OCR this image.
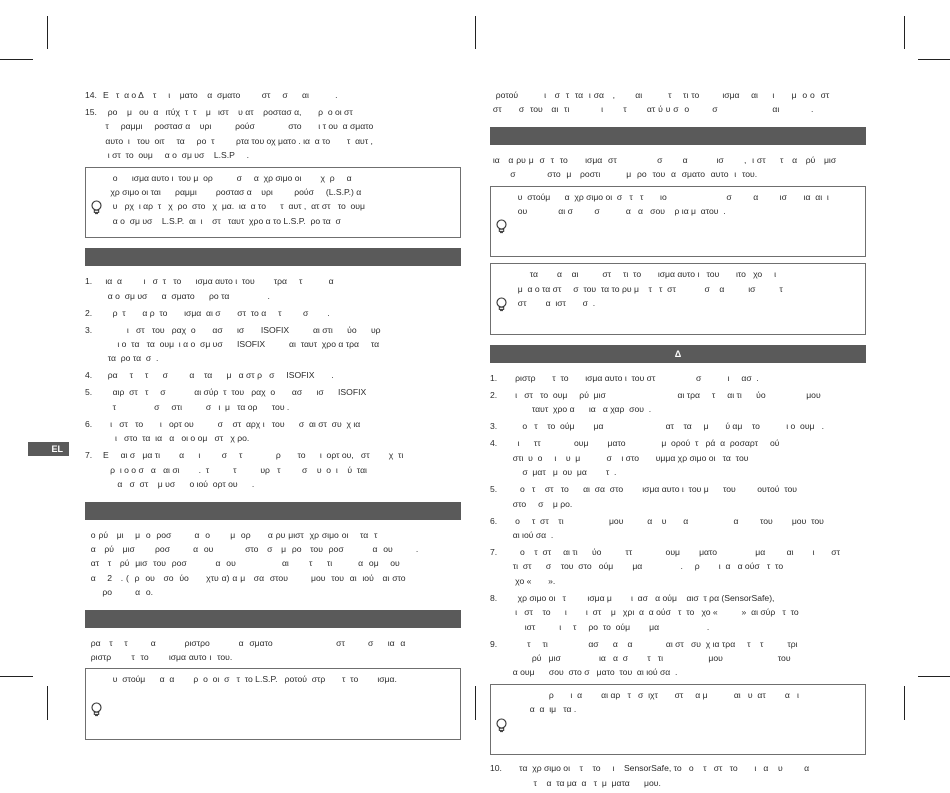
EL
14. Ε   τ  α ο Δ    τ     ι    ματο    α  σματο         στ     σ      αι           .
15.	ρο    μ   ου  α   ιτύχ  τ  τ    μ   ιστ    υ ατ    ροστασ α,       ρ  ο οι στ
τ     ραμμι     ροστασ α    υρι          ρούσ              στο       ι τ ου  α σματο
αυτο  ι   του  οιτ     τα     ρο  τ         ρτα του οχ ματο . ια  α το       τ  αυτ ,
ι στ  το  ουμ     α ο  σμ υσ    L.S.P     .

ο      ισμα αυτο ι  του μ  ορ          σ     α  χρ σιμο οι        χ  ρ     α
χρ σιμο οι ται      ραμμι        ροστασ α    υρι         ρούσ     (L.S.P.) α
υ   ρχ  ι αρ  τ   χ  ρο  στο   χ  μα.  ια  α το      τ  αυτ ,  ατ στ   το  ουμ
α ο  σμ υσ    L.S.P.  αι  ι    στ   ταυτ  χρο α το L.S.P.  ρο τα  σ
1.	ια  α         ι   σ  τ   το      ισμα αυτο ι  του        τρα     τ           α
α ο  σμ υσ      α  σματο      ρο τα                .
2.	ρ  τ       α ρ  το       ισμα  αι σ       στ  το α     τ         σ        .
3.	ι   στ   του   ραχ  ο       ασ      ισ       ISOFIX          αι στι      ύο      υρ
ι ο  τα   τα  ουμ  ι α ο  σμ υσ      ISOFIX          αι  ταυτ  χρο α τρα     τα
τα  ρο τα  σ  .
4.	ρα     τ     τ      σ         α    τα      μ   α στ ρ   σ     ISOFIX       .
5.	αιρ  στ   τ     σ            αι σύρ  τ  του   ραχ  ο       ασ      ισ      ISOFIX
τ                σ     στι          σ   ι  μ   τα ορ      του .
6.	ι   στ   το       ι   ορτ ου          σ    στ  αρχ ι   του      σ  αι στ  συ  χ ια
ι   στο  τα  ια   α   οι ο ομ   στ   χ ρο.
7.	Ε     αι σ   μα τι        α      ι         σ     τ              ρ       το      ι  ορτ ου,   στ        χ  τι
ρ  ι ο ο σ   α   αι σι        .  τ          τ          υρ   τ         σ    υ  ο  ι    ύ  ται
α   σ  στ    μ υσ      ο ιού  ορτ ου      .

ο ρύ   μι    μ  ο  ροσ        α  ο       μ  ορ      α ρυ μιστ  χρ σιμο οι    τα  τ
α   ρύ   μισ       ροσ        α  ου           στο   σ   μ  ρο   του  ροσ          α  ου        .
ατ   τ   ρύ  μισ  του  ροσ          α  ου                αι       τ     τι         α  ομ    ου
α    2   . (  ρ  ου   σο  ύο      χτυ α) α μ   σα  στου        μου  του  αι  ιού   αι στο
ρο        α  ο.

ρα   τ    τ        α          ριστρο          α  σματο                      στ        σ     ια  α
ριστρ       τ  το       ισμα αυτο ι  του.

υ  στούμ      α  α        ρ  ο  οι  σ   τ  το L.S.P.   ροτού  στρ       τ  το        ισμα.

ροτού         ι   σ  τ  τα  ι σα   ,       αι         τ    τι το        ισμα    αι     ι      μ  ο ο  στ
στ      σ  του   αι  τι           ι       τ       ατ ύ υ σ  ο        σ                   αι           .

ια   α ρυ μ  σ  τ  το      ισμα  στ              σ       α          ισ       ,  ι στ     τ   α   ρύ   μισ
σ           στο  μ   ροστι         μ  ρο  του  α  σματο  αυτο  ι  του.

υ  στούμ      α  χρ σιμο οι  σ   τ   τ       ιο                         σ         α         ισ       ια  αι  ι
ου             αι σ         σ           α   α   σου    ρ ια μ  ατου  .

τα        α    αι          στ     τι  το       ισμα αυτο ι   του       ιτο   χο     ι
μ  α ο τα στ     σ  του  τα το ρυ μ    τ   τ  στ            σ    α          ισ          τ
στ        α  ιστ       σ  .
Δ
1.	ριστρ       τ  το       ισμα αυτο ι  του στ                 σ           ι     ασ  .
2.	ι   στ   το  ουμ     ρύ  μισ                              αι τρα     τ     αι τι      ύο                 μου
ταυτ  χρο α      ια   α χαρ  σου  .
3.	ο   τ    το  ούμ        μα                          ατ    τα     μ       ύ αμ    το           ι ο  ουμ   .
4.	ι      ττ              ουμ        ματο               μ  ορού  τ   ρά  α  ροσαρτ     ού
στι  υ  ο     ι    υ  μ           σ    ι στο       υμμα χρ σιμο οι   τα  του
σ  ματ   μ  ου  μα        τ  .
5.	ο   τ    στ   το      αι  σα  στο        ισμα αυτο ι  του μ      του         ουτού  του
στο     σ    μ ρο.
6.	ο     τ  στ    τι                   μου          α    υ       α                   α         του        μου  του
αι ιού σα  .
7.	ο    τ  στ     αι τι      ύο          ττ              ουμ        ματο                μα         αι        ι       στ
τι  στ      σ    του  στο   ούμ        μα                .     ρ        ι  α   α ούσ   τ  το
χο «       ».
8.	χρ σιμο οι   τ         ισμα μ        ι  ασ   α ούμ    αισ  τ ρα (SensorSafe),
ι   στ    το      ι        ι  στ    μ   χρι  α  α ούσ   τ  το   χο «          »  αι σύρ   τ  το
ιστ          ι     τ     ρο  το  ούμ        μα                    .
9.	τ     τι                 ασ      α    α              αι στ   συ  χ ια τρα     τ    τ          τρι
ρύ   μισ                ια   α  σ        τ   τι                   μου                       του
α ουμ      σου  στο σ   ματο  του  αι ιού σα  .

ρ       ι  α        αι αρ   τ   σ  ιχτ       στ     α μ           αι   υ  ατ        α   ι
α  α  ιμ   τα .
10.	τα  χρ σιμο οι    τ    το     ι    SensorSafe, το   ο    τ   στ   το       ι   α    υ         α
τ    α  τα μα  α   τ  μ  ματα      μου.
